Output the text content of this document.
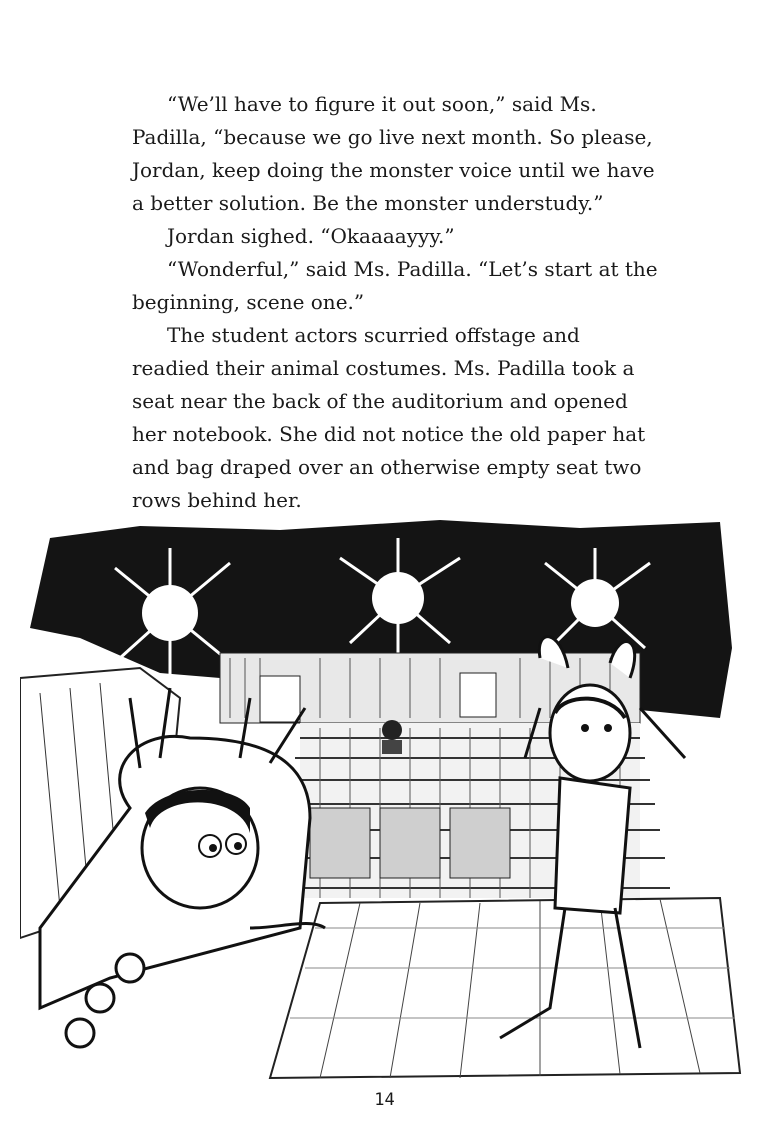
“We’ll have to figure it out soon,” said Ms. Padilla, “because we go live next month. So please, Jordan, keep doing the monster voice until we have a better solution. Be the monster understudy.”

Jordan sighed. “Okaaaayyy.”

“Wonderful,” said Ms. Padilla. “Let’s start at the beginning, scene one.”

The student actors scurried offstage and readied their animal costumes. Ms. Padilla took a seat near the back of the auditorium and opened her notebook. She did not notice the old paper hat and bag draped over an otherwise empty seat two rows behind her.

14
